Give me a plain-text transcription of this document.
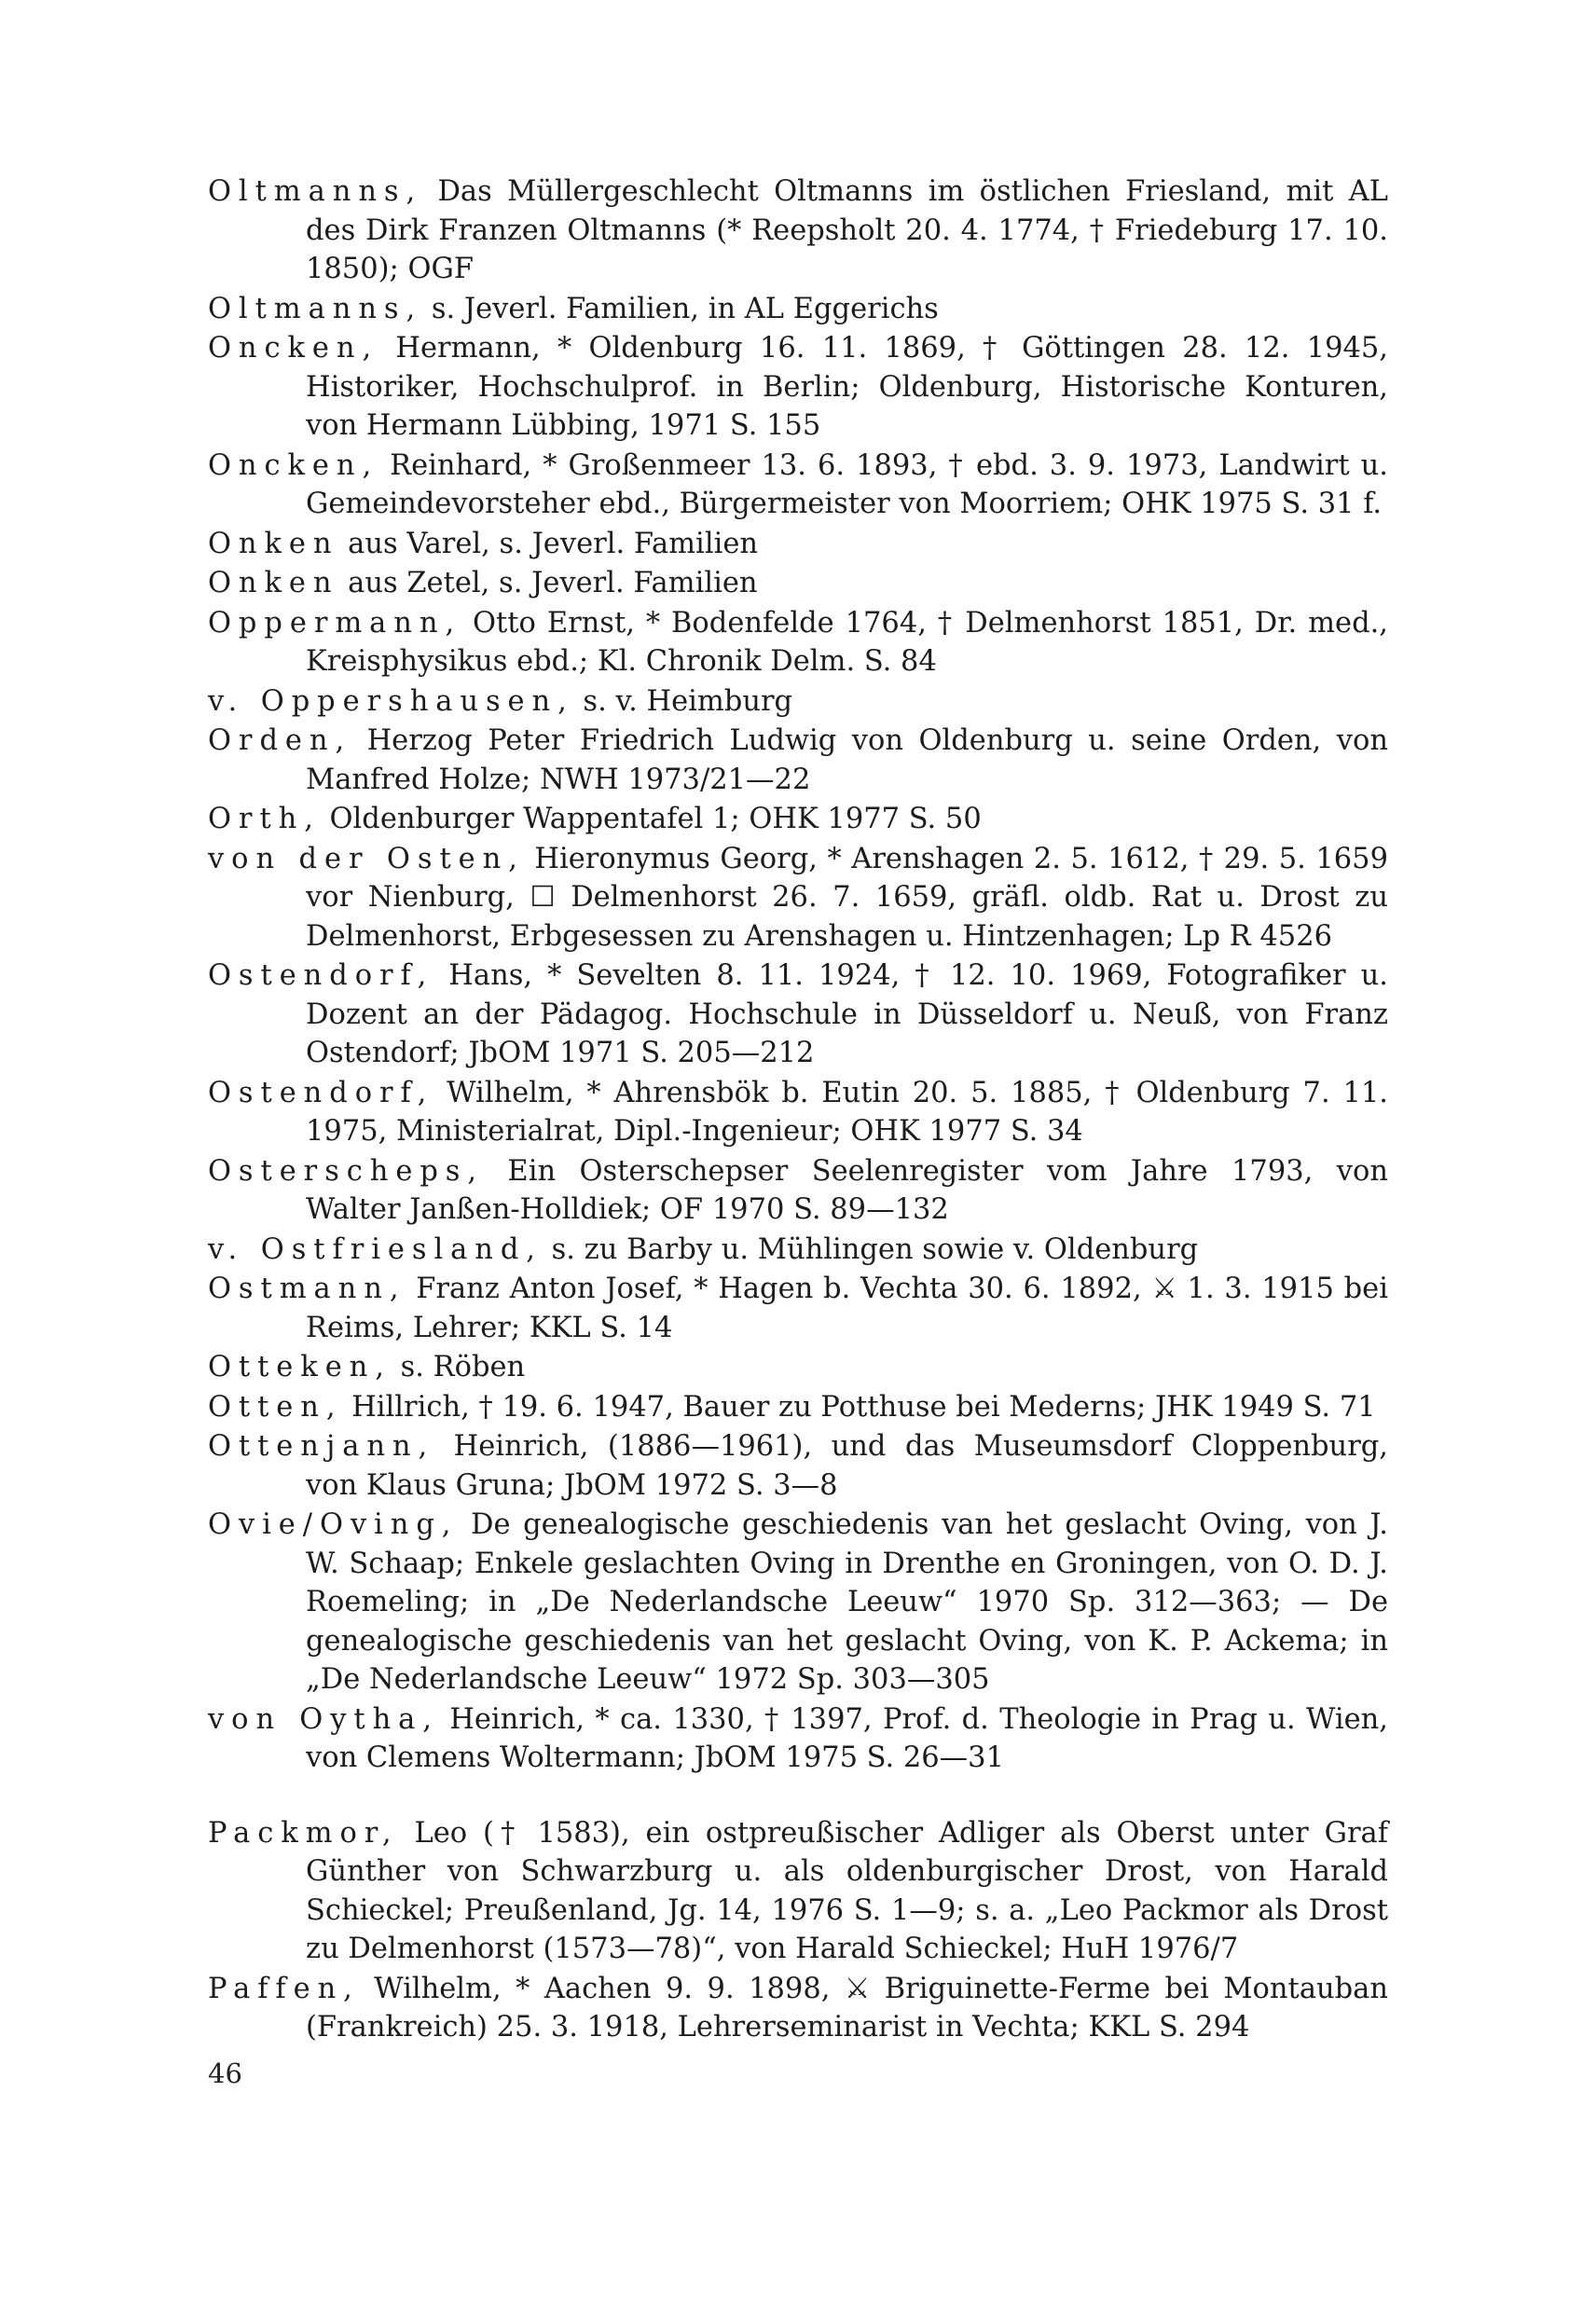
Oltmanns, Das Müllergeschlecht Oltmanns im östlichen Friesland, mit AL des Dirk Franzen Oltmanns (* Reepsholt 20. 4. 1774, † Friedeburg 17. 10. 1850); OGF

Oltmanns, s. Jeverl. Familien, in AL Eggerichs

Oncken, Hermann, * Oldenburg 16. 11. 1869, † Göttingen 28. 12. 1945, Historiker, Hochschulprof. in Berlin; Oldenburg, Historische Konturen, von Hermann Lübbing, 1971 S. 155

Oncken, Reinhard, * Großenmeer 13. 6. 1893, † ebd. 3. 9. 1973, Landwirt u. Gemeindevorsteher ebd., Bürgermeister von Moorriem; OHK 1975 S. 31 f.

Onken aus Varel, s. Jeverl. Familien

Onken aus Zetel, s. Jeverl. Familien

Oppermann, Otto Ernst, * Bodenfelde 1764, † Delmenhorst 1851, Dr. med., Kreisphysikus ebd.; Kl. Chronik Delm. S. 84

v. Oppershausen, s. v. Heimburg

Orden, Herzog Peter Friedrich Ludwig von Oldenburg u. seine Orden, von Manfred Holze; NWH 1973/21—22

Orth, Oldenburger Wappentafel 1; OHK 1977 S. 50

von der Osten, Hieronymus Georg, * Arenshagen 2. 5. 1612, † 29. 5. 1659 vor Nienburg, ☐ Delmenhorst 26. 7. 1659, gräfl. oldb. Rat u. Drost zu Delmenhorst, Erbgesessen zu Arenshagen u. Hintzenhagen; Lp R 4526

Ostendorf, Hans, * Sevelten 8. 11. 1924, † 12. 10. 1969, Fotografiker u. Dozent an der Pädagog. Hochschule in Düsseldorf u. Neuß, von Franz Ostendorf; JbOM 1971 S. 205—212

Ostendorf, Wilhelm, * Ahrensbök b. Eutin 20. 5. 1885, † Oldenburg 7. 11. 1975, Ministerialrat, Dipl.-Ingenieur; OHK 1977 S. 34

Osterscheps, Ein Osterschepser Seelenregister vom Jahre 1793, von Walter Janßen-Holldiek; OF 1970 S. 89—132

v. Ostfriesland, s. zu Barby u. Mühlingen sowie v. Oldenburg

Ostmann, Franz Anton Josef, * Hagen b. Vechta 30. 6. 1892, ⚔ 1. 3. 1915 bei Reims, Lehrer; KKL S. 14

Otteken, s. Röben

Otten, Hillrich, † 19. 6. 1947, Bauer zu Potthuse bei Mederns; JHK 1949 S. 71

Ottenjann, Heinrich, (1886—1961), und das Museumsdorf Cloppenburg, von Klaus Gruna; JbOM 1972 S. 3—8

Ovie/Oving, De genealogische geschiedenis van het geslacht Oving, von J. W. Schaap; Enkele geslachten Oving in Drenthe en Groningen, von O. D. J. Roemeling; in „De Nederlandsche Leeuw“ 1970 Sp. 312—363; — De genealogische geschiedenis van het geslacht Oving, von K. P. Ackema; in „De Nederlandsche Leeuw“ 1972 Sp. 303—305

von Oytha, Heinrich, * ca. 1330, † 1397, Prof. d. Theologie in Prag u. Wien, von Clemens Woltermann; JbOM 1975 S. 26—31

Packmor, Leo († 1583), ein ostpreußischer Adliger als Oberst unter Graf Günther von Schwarzburg u. als oldenburgischer Drost, von Harald Schieckel; Preußenland, Jg. 14, 1976 S. 1—9; s. a. „Leo Packmor als Drost zu Delmenhorst (1573—78)“, von Harald Schieckel; HuH 1976/7

Paffen, Wilhelm, * Aachen 9. 9. 1898, ⚔ Briguinette-Ferme bei Montauban (Frankreich) 25. 3. 1918, Lehrerseminarist in Vechta; KKL S. 294

46
